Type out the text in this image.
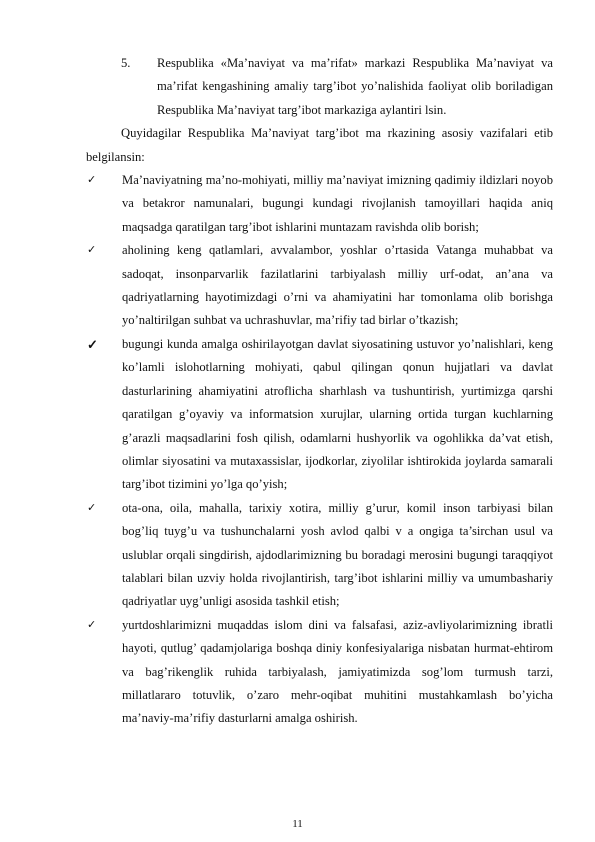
5.	Respublika «Ma’naviyat va ma’rifat» markazi Respublika Ma’naviyat va ma’rifat kengashining amaliy targ’ibot yo’nalishida faoliyat olib boriladigan Respublika Ma’naviyat targ’ibot markaziga aylantiri lsin.

Quyidagilar Respublika Ma’naviyat targ’ibot ma rkazining asosiy vazifalari etib belgilansin:

✓	Ma’naviyatning ma’no-mohiyati, milliy ma’naviyat imizning qadimiy ildizlari noyob va betakror namunalari, bugungi kundagi rivojlanish tamoyillari haqida aniq maqsadga qaratilgan targ’ibot ishlarini muntazam ravishda olib borish;
✓	aholining keng qatlamlari, avvalambor, yoshlar o’rtasida Vatanga muhabbat va sadoqat, insonparvarlik fazilatlarini tarbiyalash milliy urf-odat, an’ana va qadriyatlarning hayotimizdagi o’rni va ahamiyatini har tomonlama olib borishga yo’naltirilgan suhbat va uchrashuvlar, ma’rifiy tad birlar o’tkazish;
✓	bugungi kunda amalga oshirilayotgan davlat siyosatining ustuvor yo’nalishlari, keng ko’lamli islohotlarning mohiyati, qabul qilingan qonun hujjatlari va davlat dasturlarining ahamiyatini atroflicha sharhlash va tushuntirish, yurtimizga qarshi qaratilgan g’oyaviy va informatsion xurujlar, ularning ortida turgan kuchlarning g’arazli maqsadlarini fosh qilish, odamlarni hushyorlik va ogohlikka da’vat etish, olimlar siyosatini va mutaxassislar, ijodkorlar, ziyolilar ishtirokida joylarda samarali targ’ibot tizimini yo’lga qo’yish;
✓	ota-ona, oila, mahalla, tarixiy xotira, milliy g’urur, komil inson tarbiyasi bilan bog’liq tuyg’u va tushunchalarni yosh avlod qalbi v a ongiga ta’sirchan usul va uslublar orqali singdirish, ajdodlarimizning bu boradagi merosini bugungi taraqqiyot talablari bilan uzviy holda rivojlantirish, targ’ibot ishlarini milliy va umumbashariy qadriyatlar uyg’unligi asosida tashkil etish;
✓	yurtdoshlarimizni muqaddas islom dini va falsafasi, aziz-avliyolarimizning ibratli hayoti, qutlug’ qadamjolariga boshqa diniy konfesiyalariga nisbatan hurmat-ehtirom va bag’rikenglik ruhida tarbiyalash, jamiyatimizda sog’lom turmush tarzi, millatlararo totuvlik, o’zaro mehr-oqibat muhitini mustahkamlash bo’yicha ma’naviy-ma’rifiy dasturlarni amalga oshirish.
11
